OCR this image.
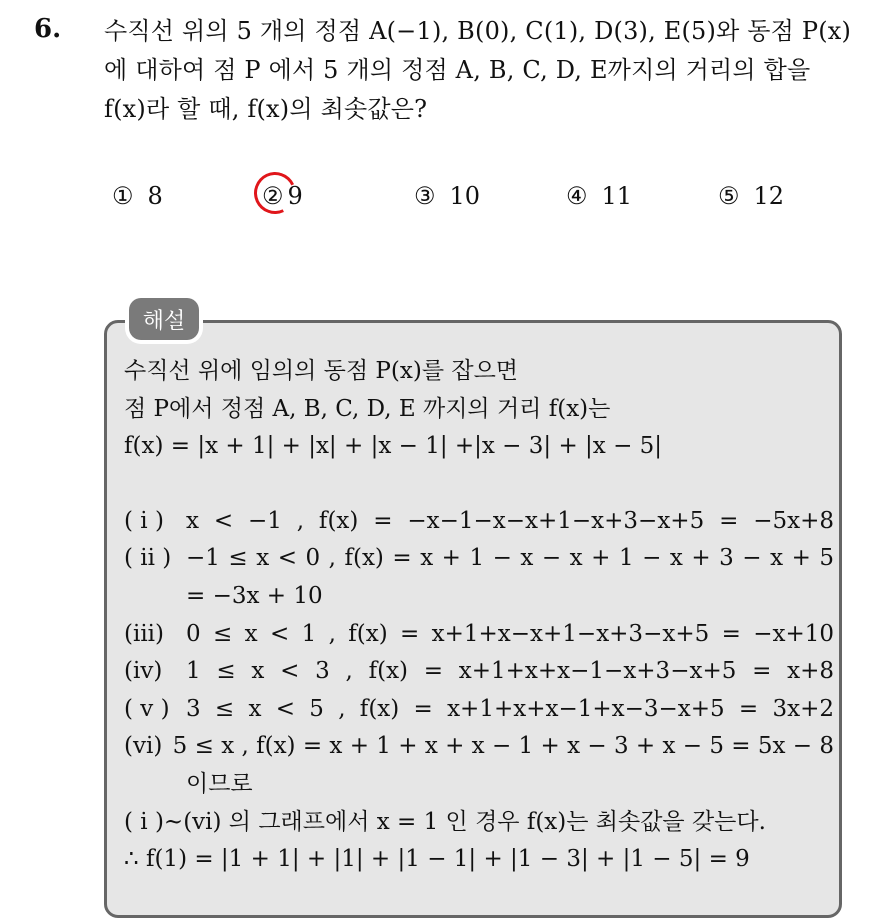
6. 수직선 위의 5 개의 정점 A(−1), B(0), C(1), D(3), E(5)와 동점 P(x)
에 대하여 점 P 에서 5 개의 정점 A, B, C, D, E까지의 거리의 합을
f(x)라 할 때, f(x)의 최솟값은?
① 8	② 9	③ 10	④ 11	⑤ 12
해설
수직선 위에 임의의 동점 P(x)를 잡으면
점 P에서 정점 A, B, C, D, E 까지의 거리 f(x)는
f(x) = |x + 1| + |x| + |x − 1| +|x − 3| + |x − 5|
( i ) x < −1 , f(x) = −x−1−x−x+1−x+3−x+5 = −5x+8
( ii ) −1 ≤ x < 0 , f(x) = x + 1 − x − x + 1 − x + 3 − x + 5
= −3x + 10
(iii) 0 ≤ x < 1 , f(x) = x+1+x−x+1−x+3−x+5 = −x+10
(iv)	1 ≤ x < 3 , f(x) = x+1+x+x−1−x+3−x+5 = x+8
( v ) 3 ≤ x < 5 , f(x) = x+1+x+x−1+x−3−x+5 = 3x+2
(vi) 5 ≤ x , f(x) = x + 1 + x + x − 1 + x − 3 + x − 5 = 5x − 8
이므로
( i )~(vi) 의 그래프에서 x = 1 인 경우 f(x)는 최솟값을 갖는다.
∴ f(1) = |1 + 1| + |1| + |1 − 1| + |1 − 3| + |1 − 5| = 9
